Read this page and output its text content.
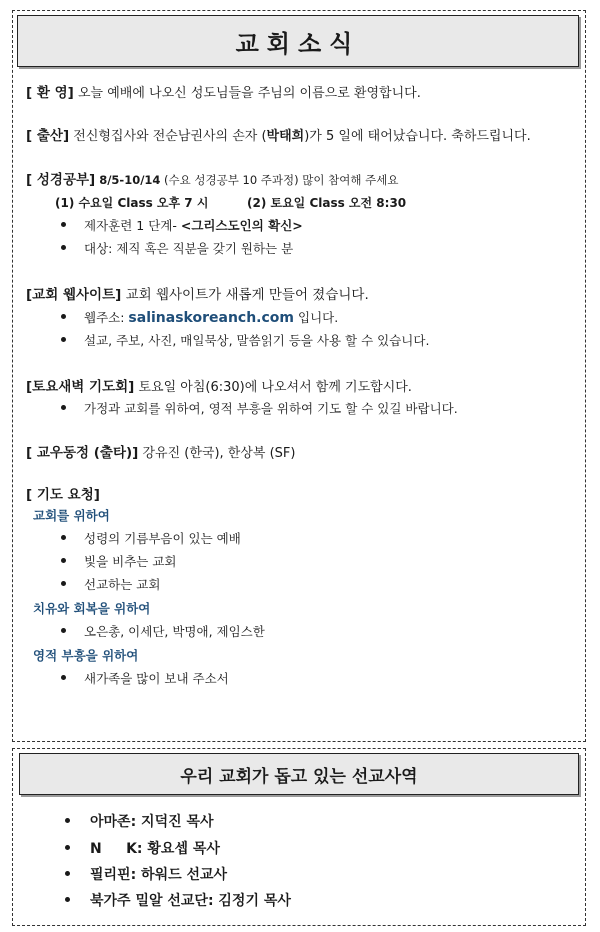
교회소식
[ 환 영] 오늘 예배에 나오신 성도님들을 주님의 이름으로 환영합니다.
[ 출산] 전신형집사와 전순남권사의 손자 (박태희)가 5 일에 태어났습니다. 축하드립니다.
[ 성경공부] 8/5-10/14 (수요 성경공부 10 주과정) 많이 참여해 주세요
(1) 수요일 Class 오후 7 시	(2) 토요일 Class 오전 8:30
제자훈련 1 단계- <그리스도인의 확신>
대상: 제직 혹은 직분을 갖기 원하는 분
[교회 웹사이트] 교회 웹사이트가 새롭게 만들어 졌습니다.
웹주소: salinaskoreanch.com 입니다.
설교, 주보, 사진, 매일묵상, 말씀읽기 등을 사용 할 수 있습니다.
[토요새벽 기도회] 토요일 아침(6:30)에 나오셔서 함께 기도합시다.
가정과 교회를 위하여, 영적 부흥을 위하여 기도 할 수 있길 바랍니다.
[ 교우동정 (출타)] 강유진 (한국), 한상복 (SF)
[ 기도 요청]
교회를 위하여
성령의 기름부음이 있는 예배
빛을 비추는 교회
선교하는 교회
치유와 회복을 위하여
오은총, 이세단, 박명애, 제임스한
영적 부흥을 위하여
새가족을 많이 보내 주소서
우리 교회가 돕고 있는 선교사역
아마존: 지덕진 목사
N     K: 황요셉 목사
필리핀: 하워드 선교사
북가주 밀알 선교단: 김정기 목사
